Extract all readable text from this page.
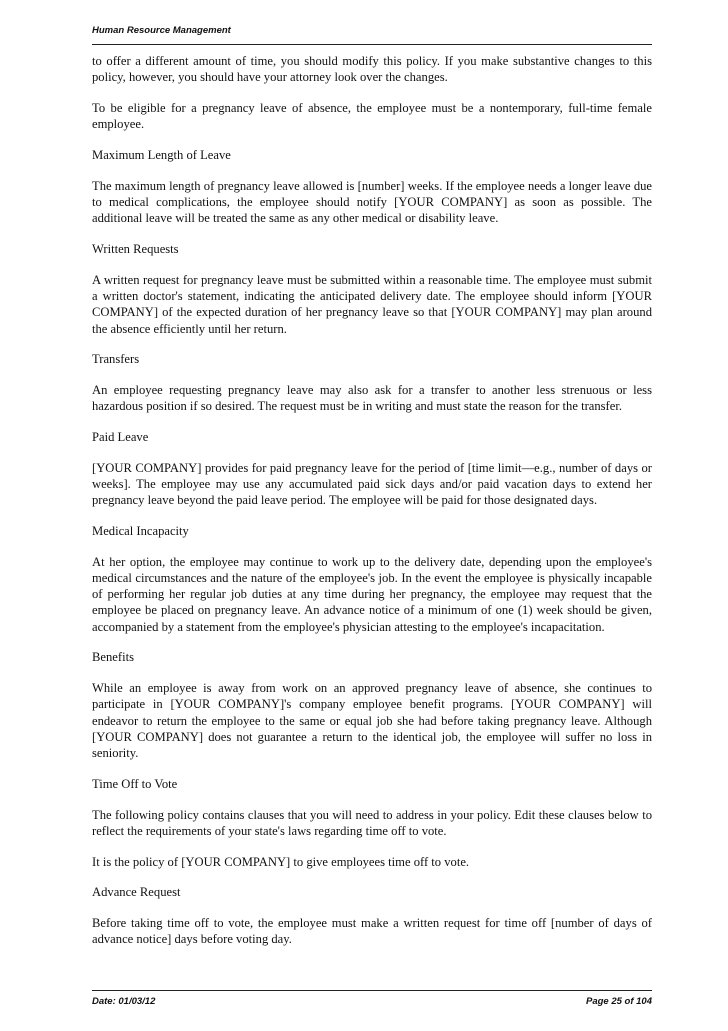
Human Resource Management

to offer a different amount of time, you should modify this policy. If you make substantive changes to this policy, however, you should have your attorney look over the changes.

To be eligible for a pregnancy leave of absence, the employee must be a nontemporary, full-time female employee.

Maximum Length of Leave

The maximum length of pregnancy leave allowed is [number] weeks. If the employee needs a longer leave due to medical complications, the employee should notify [YOUR COMPANY] as soon as possible. The additional leave will be treated the same as any other medical or disability leave.

Written Requests

A written request for pregnancy leave must be submitted within a reasonable time. The employee must submit a written doctor's statement, indicating the anticipated delivery date. The employee should inform [YOUR COMPANY] of the expected duration of her pregnancy leave so that [YOUR COMPANY] may plan around the absence efficiently until her return.

Transfers

An employee requesting pregnancy leave may also ask for a transfer to another less strenuous or less hazardous position if so desired. The request must be in writing and must state the reason for the transfer.

Paid Leave

[YOUR COMPANY] provides for paid pregnancy leave for the period of [time limit—e.g., number of days or weeks]. The employee may use any accumulated paid sick days and/or paid vacation days to extend her pregnancy leave beyond the paid leave period. The employee will be paid for those designated days.

Medical Incapacity

At her option, the employee may continue to work up to the delivery date, depending upon the employee's medical circumstances and the nature of the employee's job. In the event the employee is physically incapable of performing her regular job duties at any time during her pregnancy, the employee may request that the employee be placed on pregnancy leave. An advance notice of a minimum of one (1) week should be given, accompanied by a statement from the employee's physician attesting to the employee's incapacitation.

Benefits

While an employee is away from work on an approved pregnancy leave of absence, she continues to participate in [YOUR COMPANY]'s company employee benefit programs. [YOUR COMPANY] will endeavor to return the employee to the same or equal job she had before taking pregnancy leave. Although [YOUR COMPANY] does not guarantee a return to the identical job, the employee will suffer no loss in seniority.

Time Off to Vote

The following policy contains clauses that you will need to address in your policy. Edit these clauses below to reflect the requirements of your state's laws regarding time off to vote.

It is the policy of [YOUR COMPANY] to give employees time off to vote.

Advance Request

Before taking time off to vote, the employee must make a written request for time off [number of days of advance notice] days before voting day.

Date: 01/03/12	Page 25 of 104
